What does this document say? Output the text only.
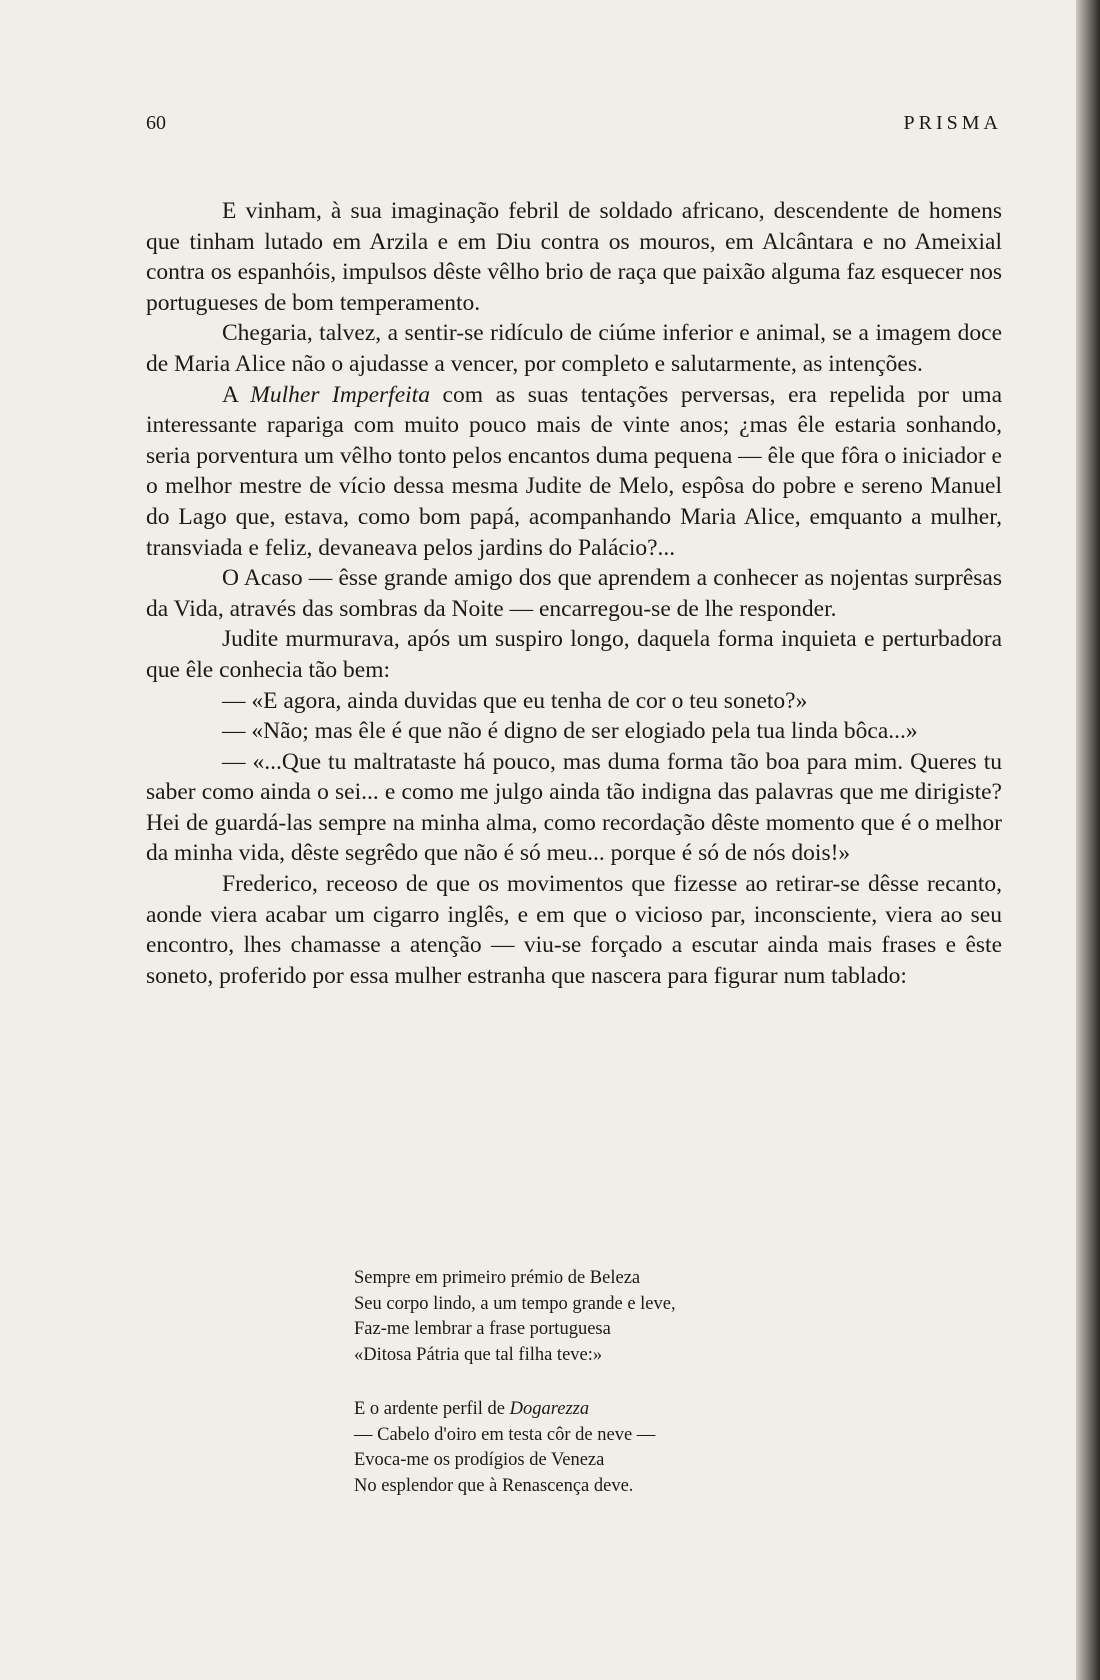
60	PRISMA

E vinham, à sua imaginação febril de soldado africano, descendente de homens que tinham lutado em Arzila e em Diu contra os mouros, em Alcântara e no Ameixial contra os espanhóis, impulsos dêste vêlho brio de raça que paixão alguma faz esquecer nos portugueses de bom temperamento.

Chegaria, talvez, a sentir-se ridículo de ciúme inferior e animal, se a imagem doce de Maria Alice não o ajudasse a vencer, por completo e salutarmente, as intenções.

A Mulher Imperfeita com as suas tentações perversas, era repelida por uma interessante rapariga com muito pouco mais de vinte anos; ¿mas êle estaria sonhando, seria porventura um vêlho tonto pelos encantos duma pequena — êle que fôra o iniciador e o melhor mestre de vício dessa mesma Judite de Melo, espôsa do pobre e sereno Manuel do Lago que, estava, como bom papá, acompanhando Maria Alice, emquanto a mulher, transviada e feliz, devaneava pelos jardins do Palácio?...

O Acaso — êsse grande amigo dos que aprendem a conhecer as nojentas surprêsas da Vida, através das sombras da Noite — encarregou-se de lhe responder.

Judite murmurava, após um suspiro longo, daquela forma inquieta e perturbadora que êle conhecia tão bem:

— «E agora, ainda duvidas que eu tenha de cor o teu soneto?»

— «Não; mas êle é que não é digno de ser elogiado pela tua linda bôca...»

— «...Que tu maltrataste há pouco, mas duma forma tão boa para mim. Queres tu saber como ainda o sei... e como me julgo ainda tão indigna das palavras que me dirigiste? Hei de guardá-las sempre na minha alma, como recordação dêste momento que é o melhor da minha vida, dêste segrêdo que não é só meu... porque é só de nós dois!»

Frederico, receoso de que os movimentos que fizesse ao retirar-se dêsse recanto, aonde viera acabar um cigarro inglês, e em que o vicioso par, inconsciente, viera ao seu encontro, lhes chamasse a atenção — viu-se forçado a escutar ainda mais frases e êste soneto, proferido por essa mulher estranha que nascera para figurar num tablado:

Sempre em primeiro prémio de Beleza
Seu corpo lindo, a um tempo grande e leve,
Faz-me lembrar a frase portuguesa
«Ditosa Pátria que tal filha teve:»
E o ardente perfil de Dogarezza
— Cabelo d'oiro em testa côr de neve —
Evoca-me os prodígios de Veneza
No esplendor que à Renascença deve.
